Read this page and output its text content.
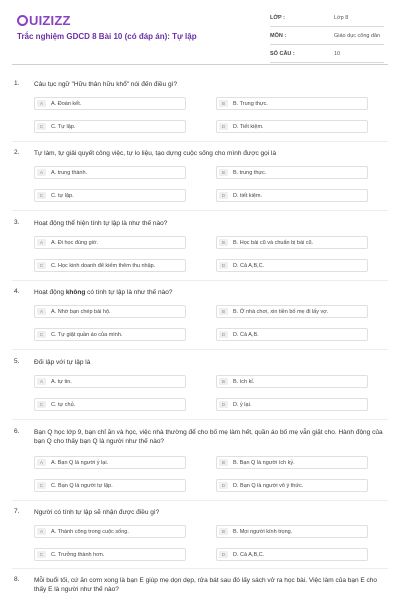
UIZIZZ
Trắc nghiệm GDCD 8 Bài 10 (có đáp án): Tự lập
LỚP :	Lớp 8
MÔN :	Giáo dục công dân
SỐ CÂU :	10
1. Câu tục ngữ "Hữu thân hữu khổ" nói đến điều gì?
A	A. Đoàn kết.	B	B. Trung thực.
C	C. Tự lập.	D	D. Tiết kiệm.
2. Tự làm, tự giải quyết công việc, tự lo liệu, tạo dựng cuộc sống cho mình được gọi là
A	A. trung thành.	B	B. trung thực.
C	C. tự lập.	D	D. tiết kiệm.
3. Hoạt động thể hiện tính tự lập là như thế nào?
A	A. Đi học đúng giờ.	B	B. Học bài cũ và chuẩn bị bài cũ.
C	C. Học kinh doanh để kiếm thêm thu nhập.	D	D. Cả A,B,C.
4. Hoạt động không có tính tự lập là như thế nào?
A	A. Nhờ bạn chép bài hộ.	B	B. Ở nhà chơi, xin tiền bố mẹ đi lấy vợ.
C	C. Tự giặt quần áo của mình.	D	D. Cả A,B.
5. Đối lập với tự lập là
A	A. tự tin.	B	B. ích kỉ.
C	C. tự chủ.	D	D. ỷ lại.
6. Bạn Q học lớp 9, bạn chỉ ăn và học, việc nhà thường để cho bố mẹ làm hết, quần áo bố mẹ vẫn giặt cho. Hành động của bạn Q cho thấy bạn Q là người như thế nào?
A	A. Bạn Q là người ỷ lại.	B	B. Bạn Q là người ích kỷ.
C	C. Bạn Q là người tự lập.	D	D. Bạn Q là người vô ý thức.
7. Người có tính tự lập sẽ nhận được điều gì?
A	A. Thành công trong cuộc sống.	B	B. Mọi người kính trọng.
C	C. Trưởng thành hơn.	D	D. Cả A,B,C.
8. Mỗi buổi tối, cứ ăn cơm xong là bạn E giúp mẹ dọn dẹp, rửa bát sau đó lấy sách vở ra học bài. Việc làm của bạn E cho thấy E là người như thế nào?
